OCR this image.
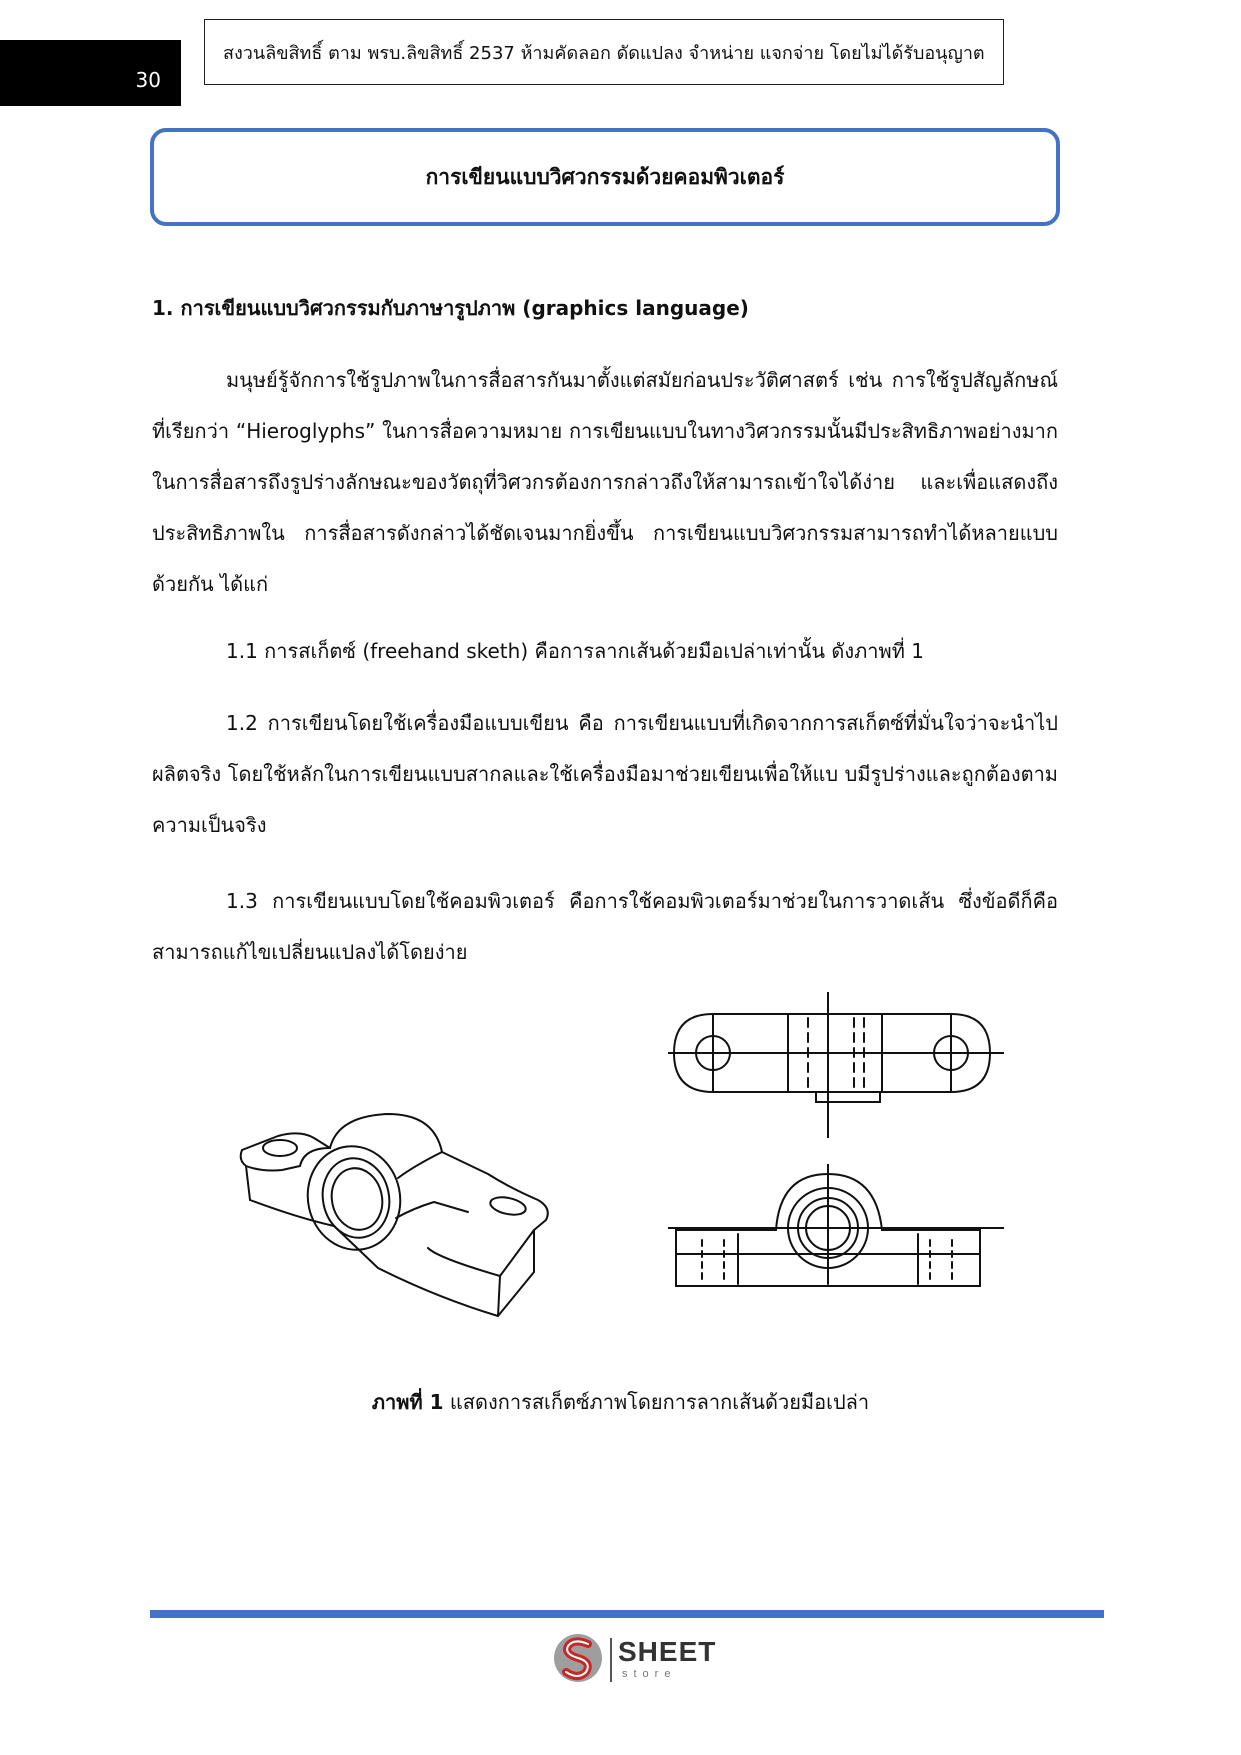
30
สงวนลิขสิทธิ์ ตาม พรบ.ลิขสิทธิ์ 2537 ห้ามคัดลอก ดัดแปลง จำหน่าย แจกจ่าย โดยไม่ได้รับอนุญาต
การเขียนแบบวิศวกรรมด้วยคอมพิวเตอร์
1. การเขียนแบบวิศวกรรมกับภาษารูปภาพ (graphics language)
มนุษย์รู้จักการใช้รูปภาพในการสื่อสารกันมาตั้งแต่สมัยก่อนประวัติศาสตร์ เช่น การใช้รูปสัญลักษณ์ ที่เรียกว่า “Hieroglyphs” ในการสื่อความหมาย การเขียนแบบในทางวิศวกรรมนั้นมีประสิทธิภาพอย่างมากในการสื่อสารถึงรูปร่างลักษณะของวัตถุที่วิศวกรต้องการกล่าวถึงให้สามารถเข้าใจได้ง่าย และเพื่อแสดงถึงประสิทธิภาพใน การสื่อสารดังกล่าวได้ชัดเจนมากยิ่งขึ้น การเขียนแบบวิศวกรรมสามารถทำได้หลายแบบด้วยกัน ได้แก่
1.1 การสเก็ตซ์ (freehand sketh) คือการลากเส้นด้วยมือเปล่าเท่านั้น ดังภาพที่ 1
1.2 การเขียนโดยใช้เครื่องมือแบบเขียน คือ การเขียนแบบที่เกิดจากการสเก็ตซ์ที่มั่นใจว่าจะนำไปผลิตจริง โดยใช้หลักในการเขียนแบบสากลและใช้เครื่องมือมาช่วยเขียนเพื่อให้แบ บมีรูปร่างและถูกต้องตามความเป็นจริง
1.3 การเขียนแบบโดยใช้คอมพิวเตอร์ คือการใช้คอมพิวเตอร์มาช่วยในการวาดเส้น ซึ่งข้อดีก็คือสามารถแก้ไขเปลี่ยนแปลงได้โดยง่าย
ภาพที่ 1 แสดงการสเก็ตซ์ภาพโดยการลากเส้นด้วยมือเปล่า
SHEET
store
